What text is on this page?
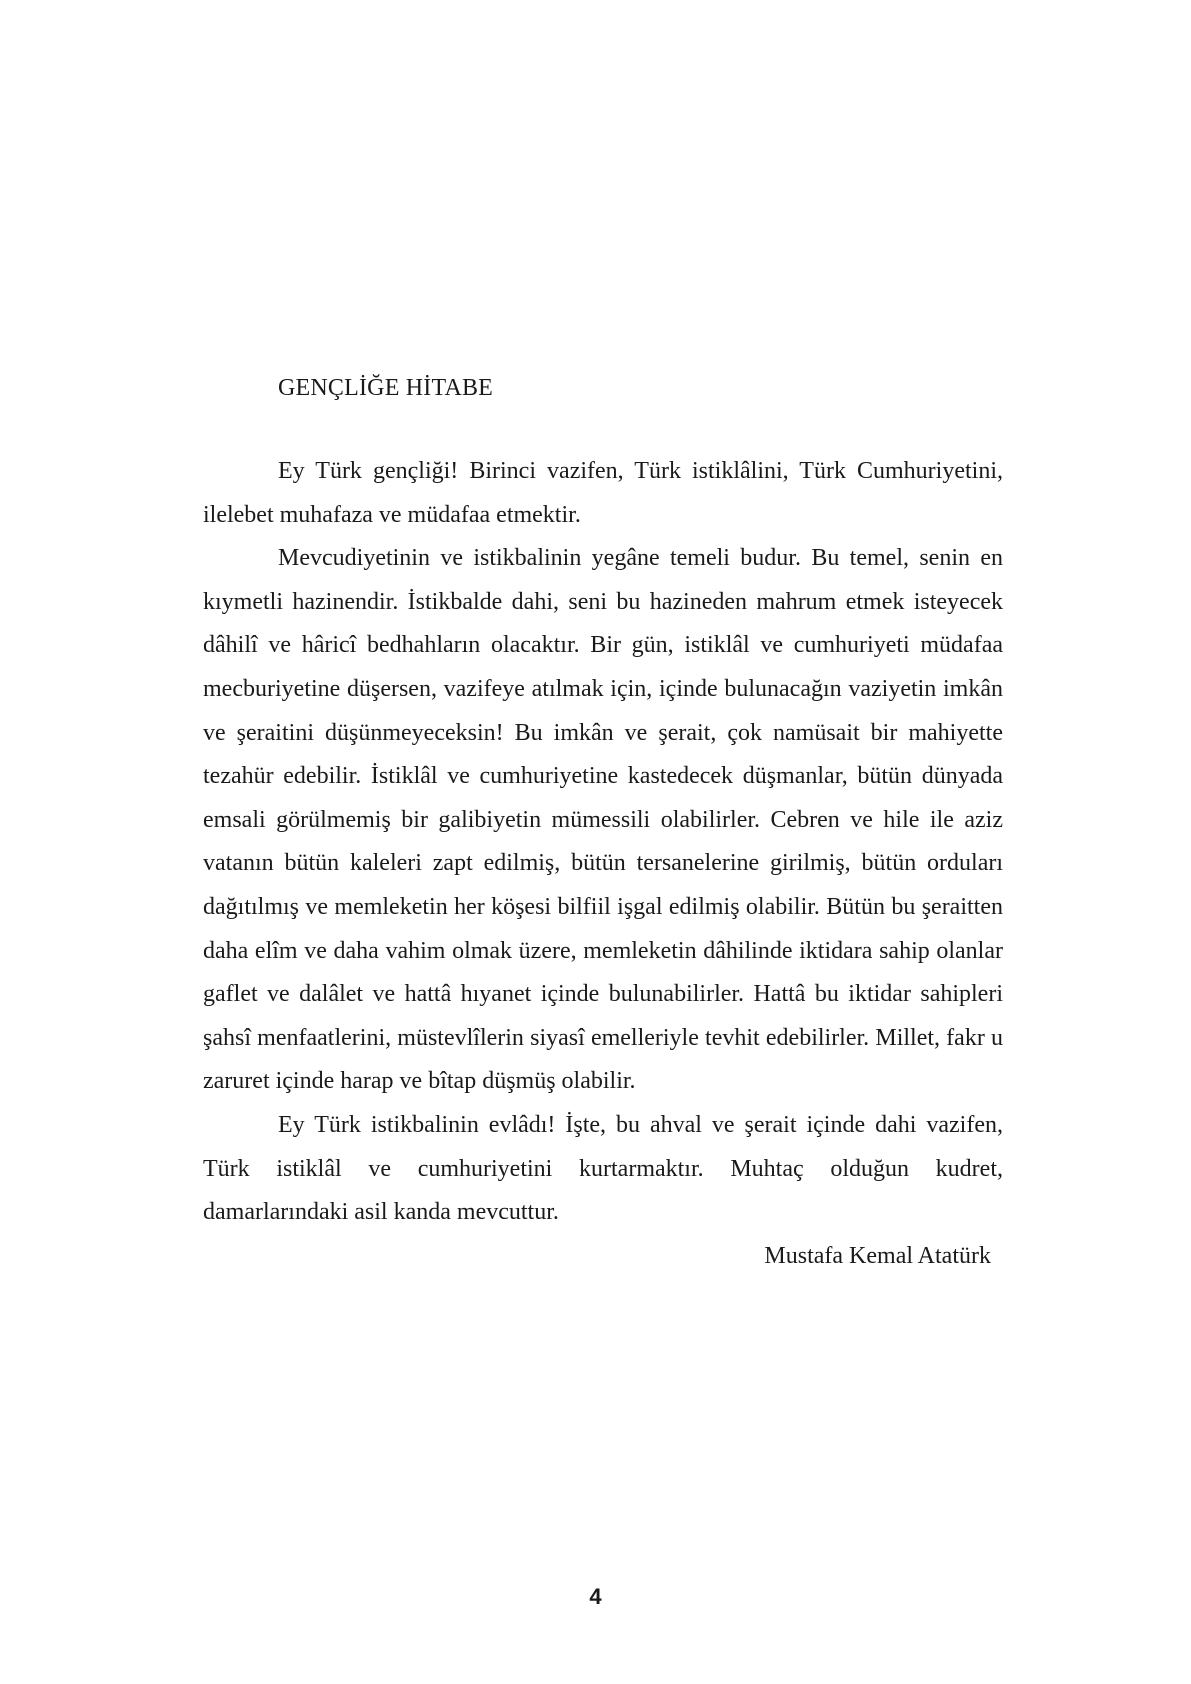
GENÇLİĞE HİTABE

Ey Türk gençliği! Birinci vazifen, Türk istiklâlini, Türk Cumhuriyetini, ilelebet muhafaza ve müdafaa etmektir.

Mevcudiyetinin ve istikbalinin yegâne temeli budur. Bu temel, senin en kıymetli hazinendir. İstikbalde dahi, seni bu hazineden mahrum etmek isteyecek dâhilî ve hâricî bedhahların olacaktır. Bir gün, istiklâl ve cumhuriyeti müdafaa mecburiyetine düşersen, vazifeye atılmak için, içinde bulunacağın vaziyetin imkân ve şeraitini düşünmeyeceksin! Bu imkân ve şerait, çok namüsait bir mahiyette tezahür edebilir. İstiklâl ve cumhuriyetine kastedecek düşmanlar, bütün dünyada emsali görülmemiş bir galibiyetin mümessili olabilirler. Cebren ve hile ile aziz vatanın bütün kaleleri zapt edilmiş, bütün tersanelerine girilmiş, bütün orduları dağıtılmış ve memleketin her köşesi bilfiil işgal edilmiş olabilir. Bütün bu şeraitten daha elîm ve daha vahim olmak üzere, memleketin dâhilinde iktidara sahip olanlar gaflet ve dalâlet ve hattâ hıyanet içinde bulunabilirler. Hattâ bu iktidar sahipleri şahsî menfaatlerini, müstevlîlerin siyasî emelleriyle tevhit edebilirler. Millet, fakr u zaruret içinde harap ve bîtap düşmüş olabilir.

Ey Türk istikbalinin evlâdı! İşte, bu ahval ve şerait içinde dahi vazifen, Türk istiklâl ve cumhuriyetini kurtarmaktır. Muhtaç olduğun kudret, damarlarındaki asil kanda mevcuttur.

Mustafa Kemal Atatürk

4
